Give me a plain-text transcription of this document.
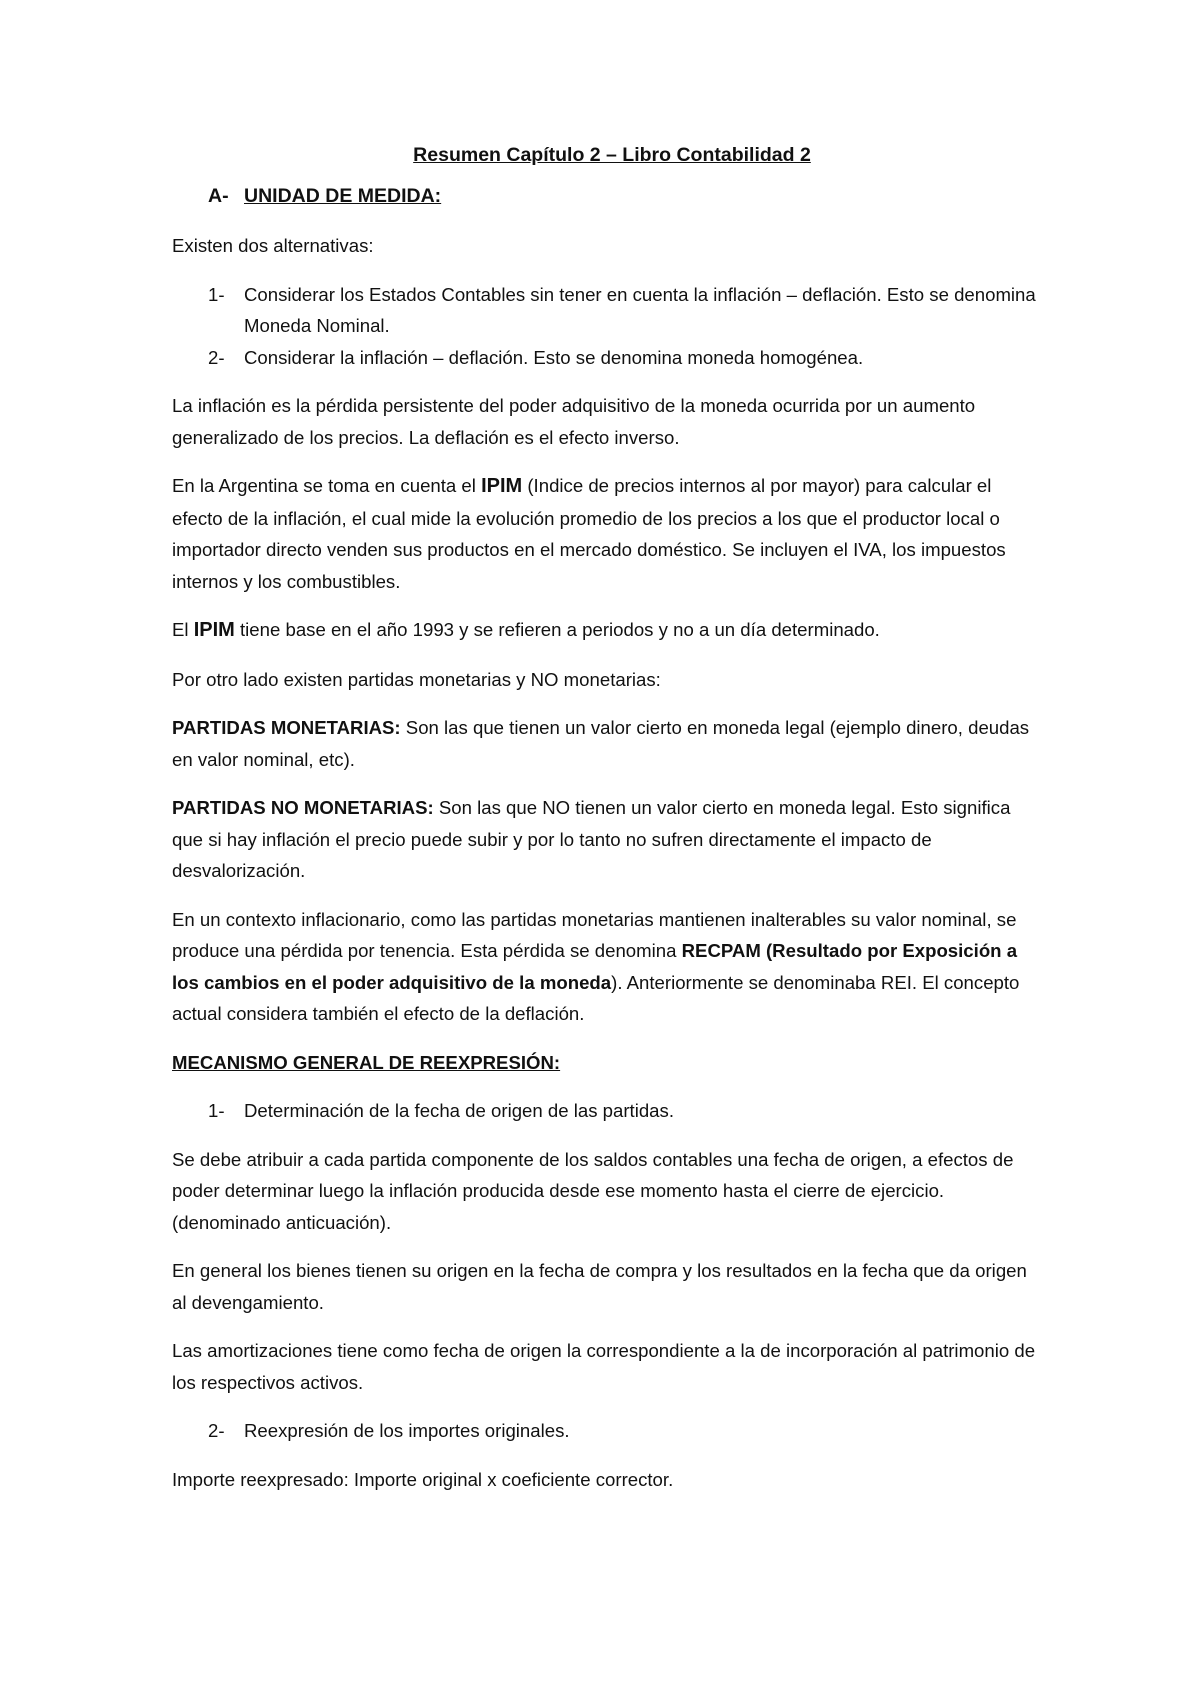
Resumen Capítulo 2 – Libro Contabilidad 2
A- UNIDAD DE MEDIDA:

Existen dos alternativas:

1-	Considerar los Estados Contables sin tener en cuenta la inflación – deflación. Esto se denomina Moneda Nominal.
2-	Considerar la inflación – deflación. Esto se denomina moneda homogénea.

La inflación es la pérdida persistente del poder adquisitivo de la moneda ocurrida por un aumento generalizado de los precios. La deflación es el efecto inverso.

En la Argentina se toma en cuenta el IPIM (Indice de precios internos al por mayor) para calcular el efecto de la inflación, el cual mide la evolución promedio de los precios a los que el productor local o importador directo venden sus productos en el mercado doméstico. Se incluyen el IVA, los impuestos internos y los combustibles.

El IPIM tiene base en el año 1993 y se refieren a periodos y no a un día determinado.

Por otro lado existen partidas monetarias y NO monetarias:

PARTIDAS MONETARIAS: Son las que tienen un valor cierto en moneda legal (ejemplo dinero, deudas en valor nominal, etc).

PARTIDAS NO MONETARIAS: Son las que NO tienen un valor cierto en moneda legal. Esto significa que si hay inflación el precio puede subir y por lo tanto no sufren directamente el impacto de desvalorización.

En un contexto inflacionario, como las partidas monetarias mantienen inalterables su valor nominal, se produce una pérdida por tenencia. Esta pérdida se denomina RECPAM (Resultado por Exposición a los cambios en el poder adquisitivo de la moneda). Anteriormente se denominaba REI. El concepto actual considera también el efecto de la deflación.

MECANISMO GENERAL DE REEXPRESIÓN:

1-	Determinación de la fecha de origen de las partidas.

Se debe atribuir a cada partida componente de los saldos contables una fecha de origen, a efectos de poder determinar luego la inflación producida desde ese momento hasta el cierre de ejercicio. (denominado anticuación).

En general los bienes tienen su origen en la fecha de compra y los resultados en la fecha que da origen al devengamiento.

Las amortizaciones tiene como fecha de origen la correspondiente a la de incorporación al patrimonio de los respectivos activos.

2-	Reexpresión de los importes originales.

Importe reexpresado: Importe original x coeficiente corrector.
